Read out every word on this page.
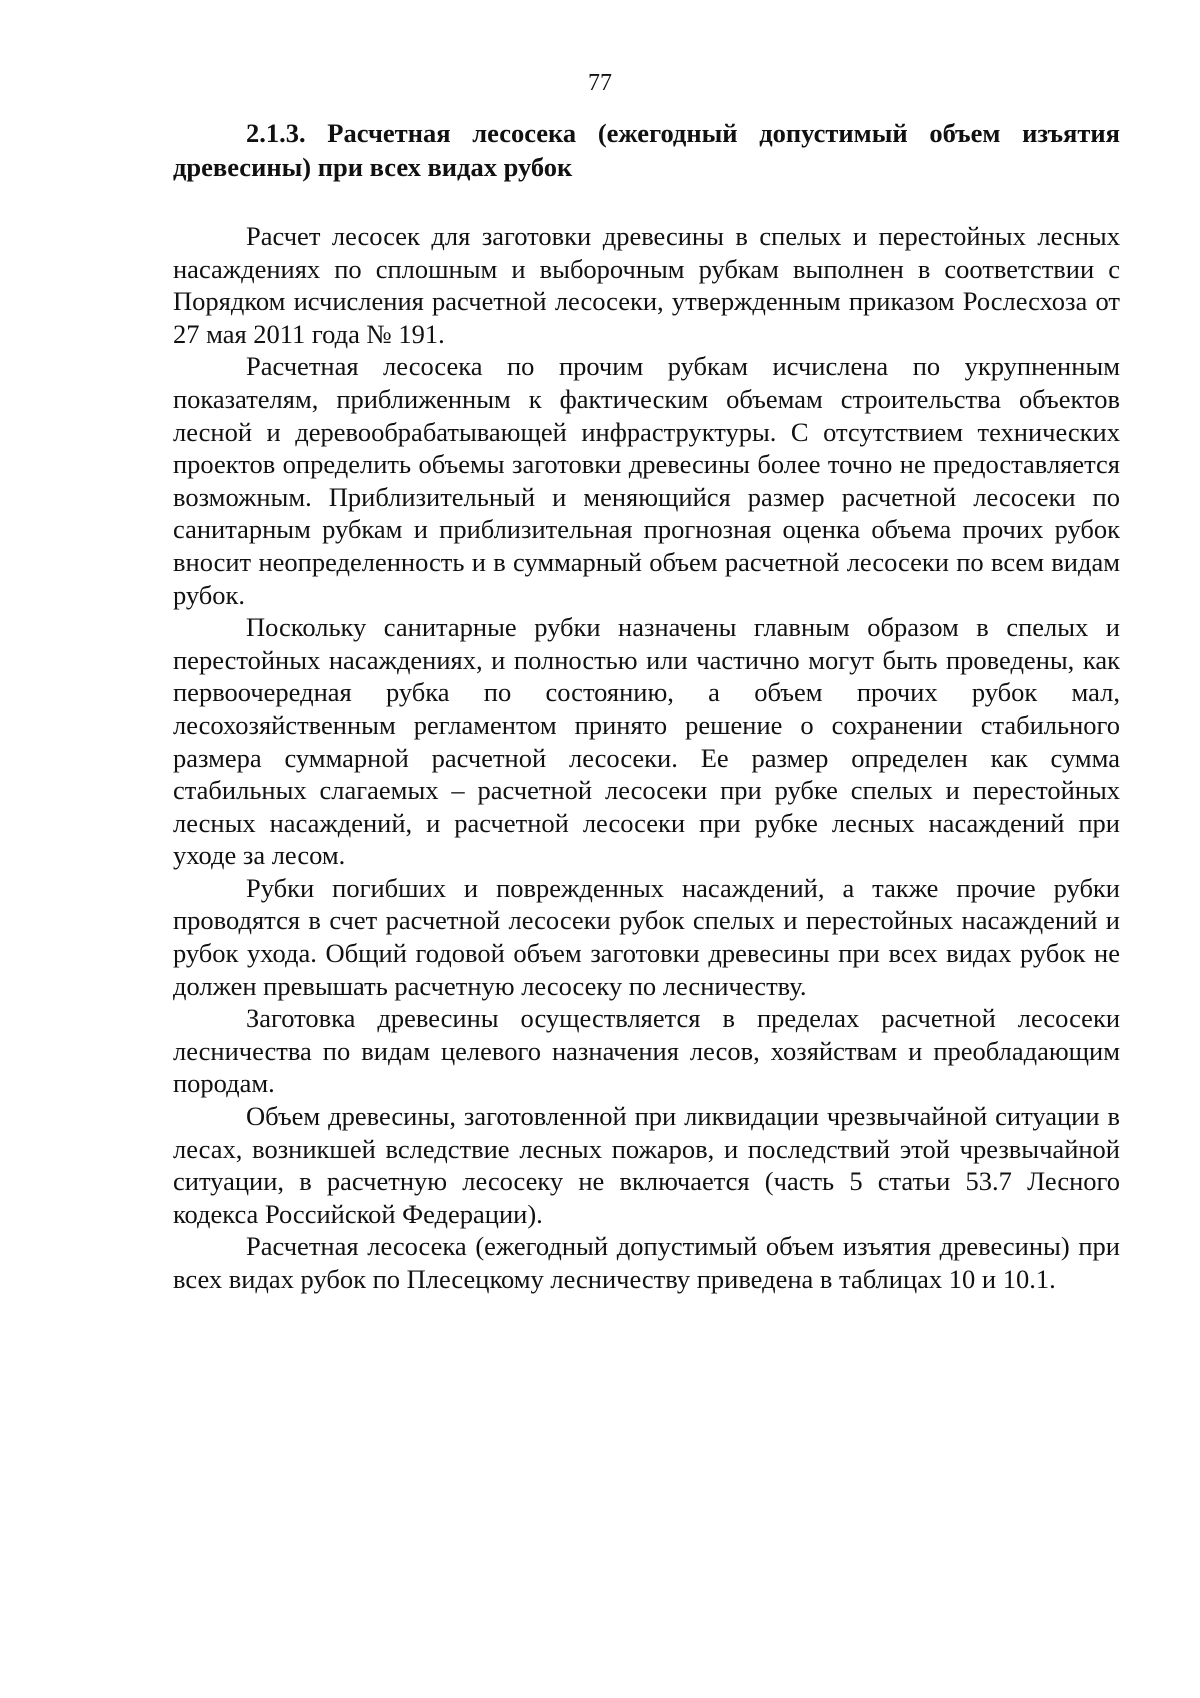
77
2.1.3. Расчетная лесосека (ежегодный допустимый объем изъятия древесины) при всех видах рубок

Расчет лесосек для заготовки древесины в спелых и перестойных лесных насаждениях по сплошным и выборочным рубкам выполнен в соответствии с Порядком исчисления расчетной лесосеки, утвержденным приказом Рослесхоза от 27 мая 2011 года № 191.

Расчетная лесосека по прочим рубкам исчислена по укрупненным показателям, приближенным к фактическим объемам строительства объектов лесной и деревообрабатывающей инфраструктуры. С отсутствием технических проектов определить объемы заготовки древесины более точно не предоставляется возможным. Приблизительный и меняющийся размер расчетной лесосеки по санитарным рубкам и приблизительная прогнозная оценка объема прочих рубок вносит неопределенность и в суммарный объем расчетной лесосеки по всем видам рубок.

Поскольку санитарные рубки назначены главным образом в спелых и перестойных насаждениях, и полностью или частично могут быть проведены, как первоочередная рубка по состоянию, а объем прочих рубок мал, лесохозяйственным регламентом принято решение о сохранении стабильного размера суммарной расчетной лесосеки. Ее размер определен как сумма стабильных слагаемых – расчетной лесосеки при рубке спелых и перестойных лесных насаждений, и расчетной лесосеки при рубке лесных насаждений при уходе за лесом.

Рубки погибших и поврежденных насаждений, а также прочие рубки проводятся в счет расчетной лесосеки рубок спелых и перестойных насаждений и рубок ухода. Общий годовой объем заготовки древесины при всех видах рубок не должен превышать расчетную лесосеку по лесничеству.

Заготовка древесины осуществляется в пределах расчетной лесосеки лесничества по видам целевого назначения лесов, хозяйствам и преобладающим породам.

Объем древесины, заготовленной при ликвидации чрезвычайной ситуации в лесах, возникшей вследствие лесных пожаров, и последствий этой чрезвычайной ситуации, в расчетную лесосеку не включается (часть 5 статьи 53.7 Лесного кодекса Российской Федерации).

Расчетная лесосека (ежегодный допустимый объем изъятия древесины) при всех видах рубок по Плесецкому лесничеству приведена в таблицах 10 и 10.1.
